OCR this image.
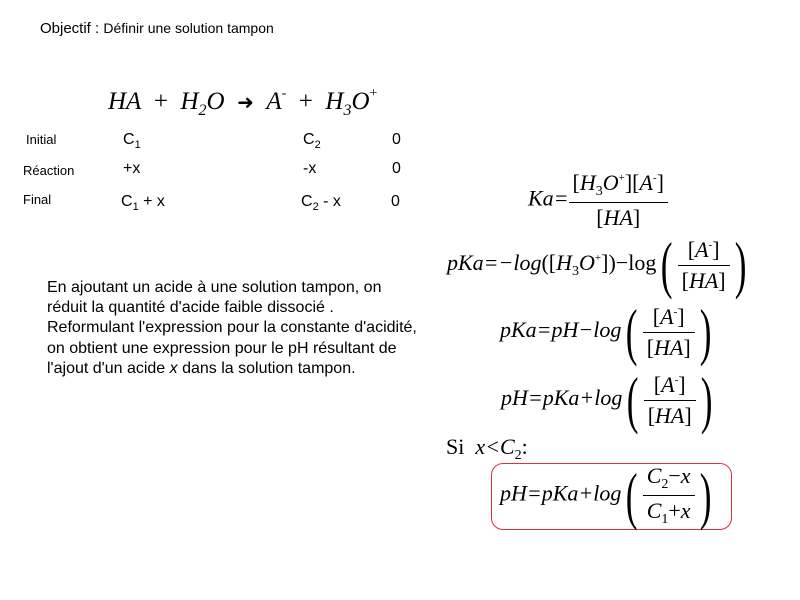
Objectif : Définir une solution tampon
HA + $H_2O$ ➜ $A^- + H_3O^+$
Initial	$C_1$	$C_2$	0
Réaction	+x	-x	0
Final	$C_1 + x$	$C_2$ - x	0
En ajoutant un acide à une solution tampon, on réduit la quantité d'acide faible dissocié . Reformulant l'expression pour la constante d'acidité, on obtient une expression pour le pH résultant de l'ajout d'un acide x dans la solution tampon.
$Ka= \frac{[H_3O^+][A^-]}{[HA]}$
$pKa=-\log([H_3O^+])-\log( \frac{[A^-]}{[HA]}$ )
$pKa=pH-\log( \frac{[A^-]}{[HA]}$ )
$pH=pKa+\log( \frac{[A^-]}{[HA]}$ )
Si $x<C_2$:
$pH=pKa+\log( \frac{C_2-x}{C_1+x}$ )
